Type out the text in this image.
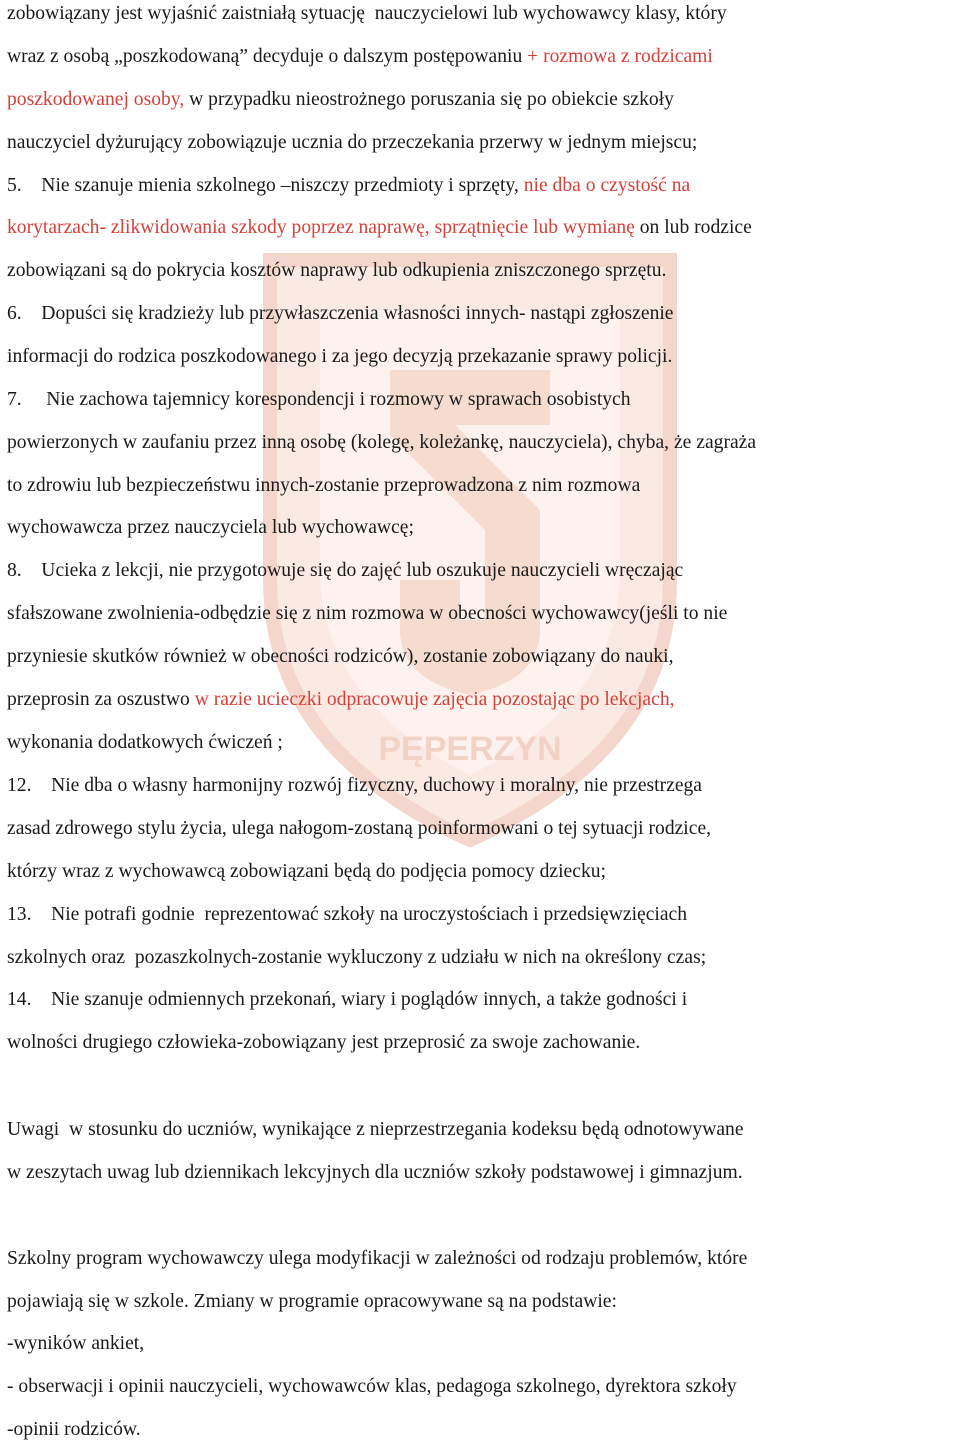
PĘPERZYN
zobowiązany jest wyjaśnić zaistniałą sytuację  nauczycielowi lub wychowawcy klasy, który
wraz z osobą „poszkodowaną” decyduje o dalszym postępowaniu + rozmowa z rodzicami
poszkodowanej osoby, w przypadku nieostrożnego poruszania się po obiekcie szkoły
nauczyciel dyżurujący zobowiązuje ucznia do przeczekania przerwy w jednym miejscu;
5.    Nie szanuje mienia szkolnego –niszczy przedmioty i sprzęty, nie dba o czystość na
korytarzach- zlikwidowania szkody poprzez naprawę, sprzątnięcie lub wymianę on lub rodzice
zobowiązani są do pokrycia kosztów naprawy lub odkupienia zniszczonego sprzętu.
6.    Dopuści się kradzieży lub przywłaszczenia własności innych- nastąpi zgłoszenie
informacji do rodzica poszkodowanego i za jego decyzją przekazanie sprawy policji.
7.     Nie zachowa tajemnicy korespondencji i rozmowy w sprawach osobistych
powierzonych w zaufaniu przez inną osobę (kolegę, koleżankę, nauczyciela), chyba, że zagraża
to zdrowiu lub bezpieczeństwu innych-zostanie przeprowadzona z nim rozmowa
wychowawcza przez nauczyciela lub wychowawcę;
8.    Ucieka z lekcji, nie przygotowuje się do zajęć lub oszukuje nauczycieli wręczając
sfałszowane zwolnienia-odbędzie się z nim rozmowa w obecności wychowawcy(jeśli to nie
przyniesie skutków również w obecności rodziców), zostanie zobowiązany do nauki,
przeprosin za oszustwo w razie ucieczki odpracowuje zajęcia pozostając po lekcjach,
wykonania dodatkowych ćwiczeń ;
12.    Nie dba o własny harmonijny rozwój fizyczny, duchowy i moralny, nie przestrzega
zasad zdrowego stylu życia, ulega nałogom-zostaną poinformowani o tej sytuacji rodzice,
którzy wraz z wychowawcą zobowiązani będą do podjęcia pomocy dziecku;
13.    Nie potrafi godnie  reprezentować szkoły na uroczystościach i przedsięwzięciach
szkolnych oraz  pozaszkolnych-zostanie wykluczony z udziału w nich na określony czas;
14.    Nie szanuje odmiennych przekonań, wiary i poglądów innych, a także godności i
wolności drugiego człowieka-zobowiązany jest przeprosić za swoje zachowanie.
Uwagi  w stosunku do uczniów, wynikające z nieprzestrzegania kodeksu będą odnotowywane
w zeszytach uwag lub dziennikach lekcyjnych dla uczniów szkoły podstawowej i gimnazjum.
Szkolny program wychowawczy ulega modyfikacji w zależności od rodzaju problemów, które
pojawiają się w szkole. Zmiany w programie opracowywane są na podstawie:
-wyników ankiet,
- obserwacji i opinii nauczycieli, wychowawców klas, pedagoga szkolnego, dyrektora szkoły
-opinii rodziców.
